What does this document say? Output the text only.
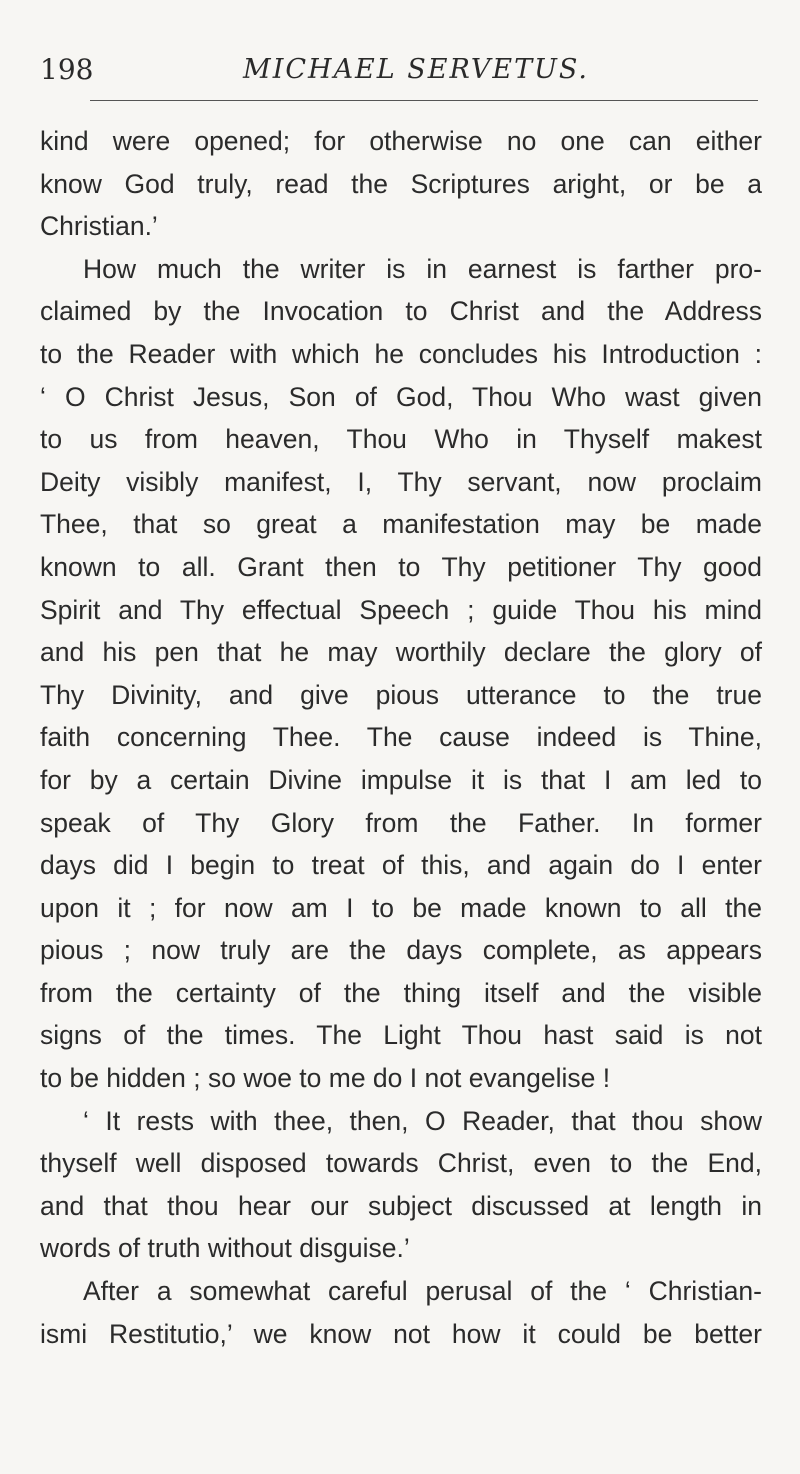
198	MICHAEL SERVETUS.
kind were opened; for otherwise no one can either
know God truly, read the Scriptures aright, or be a
Christian.’
How much the writer is in earnest is farther pro-
claimed by the Invocation to Christ and the Address
to the Reader with which he concludes his Introduction :
‘ O Christ Jesus, Son of God, Thou Who wast given
to us from heaven, Thou Who in Thyself makest
Deity visibly manifest, I, Thy servant, now proclaim
Thee, that so great a manifestation may be made
known to all. Grant then to Thy petitioner Thy good
Spirit and Thy effectual Speech ; guide Thou his mind
and his pen that he may worthily declare the glory of
Thy Divinity, and give pious utterance to the true
faith concerning Thee. The cause indeed is Thine,
for by a certain Divine impulse it is that I am led to
speak of Thy Glory from the Father. In former
days did I begin to treat of this, and again do I enter
upon it ; for now am I to be made known to all the
pious ; now truly are the days complete, as appears
from the certainty of the thing itself and the visible
signs of the times. The Light Thou hast said is not
to be hidden ; so woe to me do I not evangelise !
‘ It rests with thee, then, O Reader, that thou show
thyself well disposed towards Christ, even to the End,
and that thou hear our subject discussed at length in
words of truth without disguise.’
After a somewhat careful perusal of the ‘ Christian-
ismi Restitutio,’ we know not how it could be better
